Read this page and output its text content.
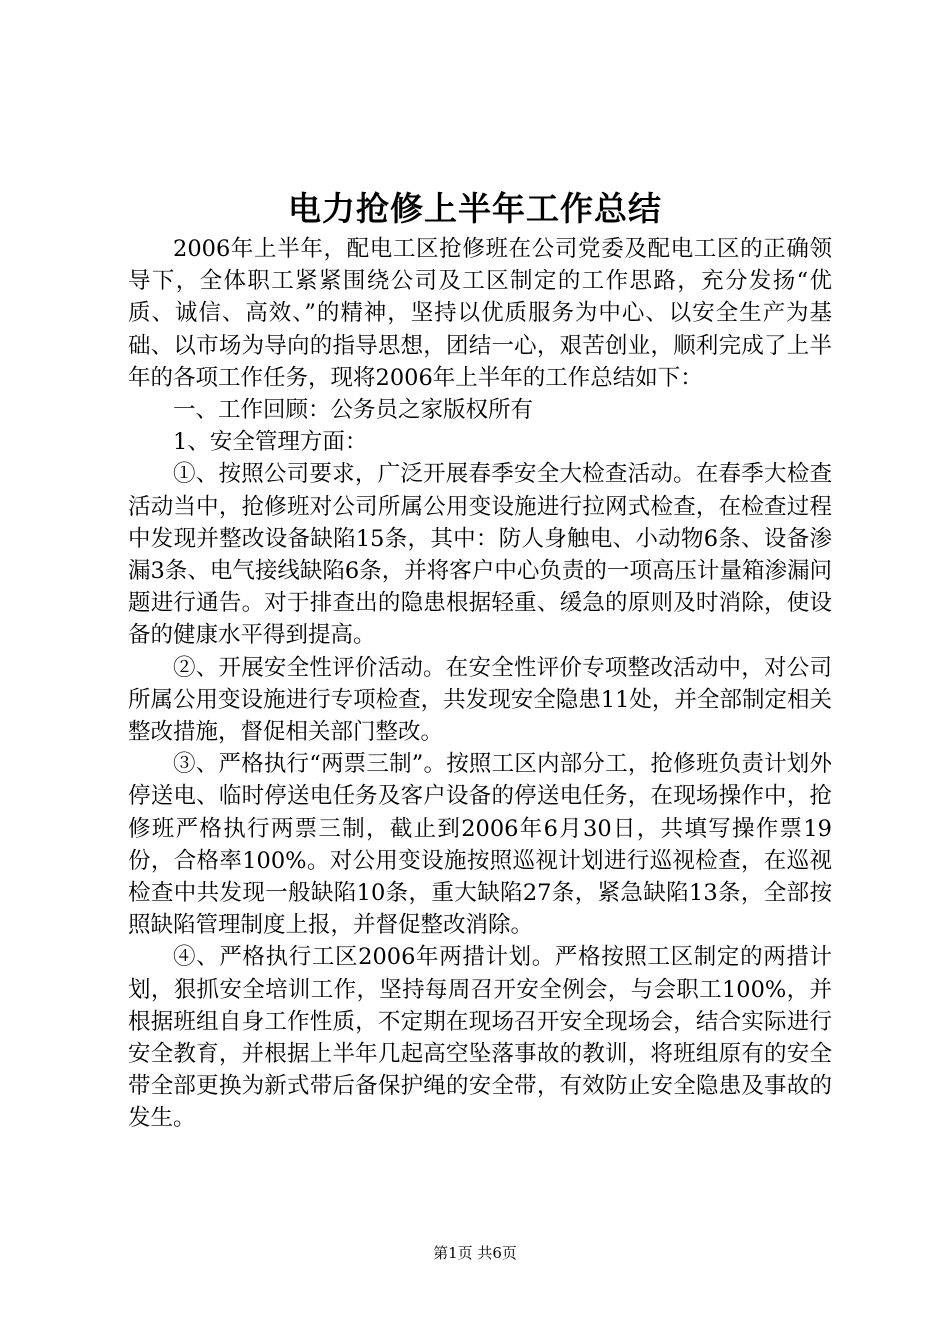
电力抢修上半年工作总结

2006年上半年，配电工区抢修班在公司党委及配电工区的正确领导下，全体职工紧紧围绕公司及工区制定的工作思路，充分发扬“优质、诚信、高效、”的精神，坚持以优质服务为中心、以安全生产为基础、以市场为导向的指导思想，团结一心，艰苦创业，顺利完成了上半年的各项工作任务，现将2006年上半年的工作总结如下：

一、工作回顾：公务员之家版权所有

1、安全管理方面：

①、按照公司要求，广泛开展春季安全大检查活动。在春季大检查活动当中，抢修班对公司所属公用变设施进行拉网式检查，在检查过程中发现并整改设备缺陷15条，其中：防人身触电、小动物6条、设备渗漏3条、电气接线缺陷6条，并将客户中心负责的一项高压计量箱渗漏问题进行通告。对于排查出的隐患根据轻重、缓急的原则及时消除，使设备的健康水平得到提高。

②、开展安全性评价活动。在安全性评价专项整改活动中，对公司所属公用变设施进行专项检查，共发现安全隐患11处，并全部制定相关整改措施，督促相关部门整改。

③、严格执行“两票三制”。按照工区内部分工，抢修班负责计划外停送电、临时停送电任务及客户设备的停送电任务，在现场操作中，抢修班严格执行两票三制，截止到2006年6月30日，共填写操作票19份，合格率100%。对公用变设施按照巡视计划进行巡视检查，在巡视检查中共发现一般缺陷10条，重大缺陷27条，紧急缺陷13条，全部按照缺陷管理制度上报，并督促整改消除。

④、严格执行工区2006年两措计划。严格按照工区制定的两措计划，狠抓安全培训工作，坚持每周召开安全例会，与会职工100%，并根据班组自身工作性质，不定期在现场召开安全现场会，结合实际进行安全教育，并根据上半年几起高空坠落事故的教训，将班组原有的安全带全部更换为新式带后备保护绳的安全带，有效防止安全隐患及事故的发生。

第1页 共6页
